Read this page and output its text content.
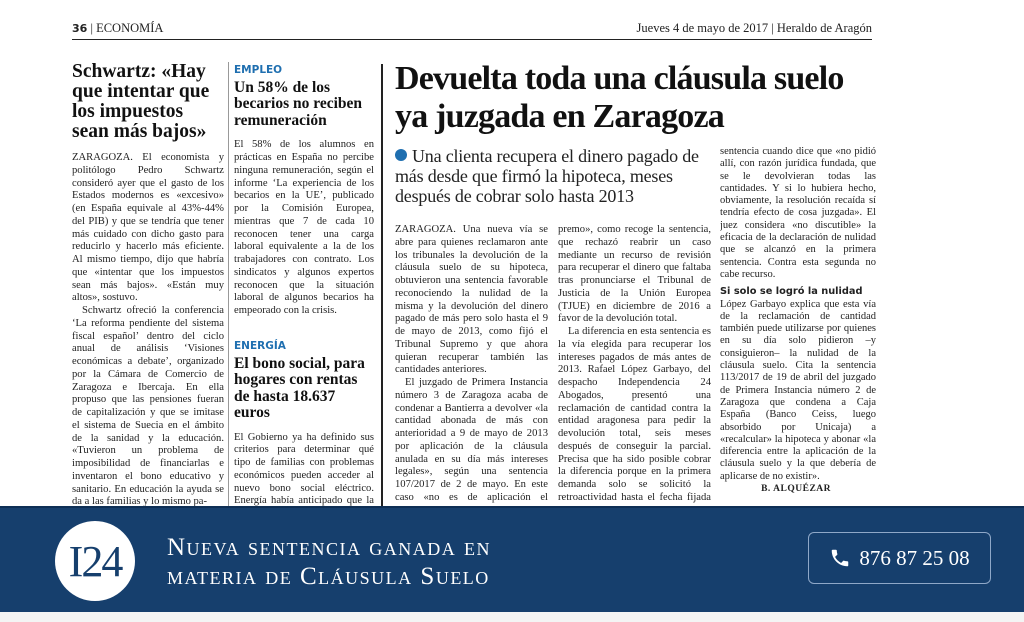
36 | ECONOMÍA	Jueves 4 de mayo de 2017 | Heraldo de Aragón
Schwartz: «Hay que intentar que los impuestos sean más bajos»

ZARAGOZA. El economista y politólogo Pedro Schwartz consideró ayer que el gasto de los Estados modernos es «excesivo» (en España equivale al 43%-44% del PIB) y que se tendría que tener más cuidado con dicho gasto para reducirlo y hacerlo más eficiente. Al mismo tiempo, dijo que habría que «intentar que los impuestos sean más bajos». «Están muy altos», sostuvo.

Schwartz ofreció la conferencia ‘La reforma pendiente del sistema fiscal español’ dentro del ciclo anual de análisis ‘Visiones económicas a debate’, organizado por la Cámara de Comercio de Zaragoza e Ibercaja. En ella propuso que las pensiones fueran de capitalización y que se imitase el sistema de Suecia en el ámbito de la sanidad y la educación. «Tuvieron un problema de imposibilidad de financiarlas e inventaron el bono educativo y sanitario. En educación la ayuda se da a las familias y lo mismo pa-

EMPLEO
Un 58% de los becarios no reciben remuneración

El 58% de los alumnos en prácticas en España no percibe ninguna remuneración, según el informe ‘La experiencia de los becarios en la UE’, publicado por la Comisión Europea, mientras que 7 de cada 10 reconocen tener una carga laboral equivalente a la de los trabajadores con contrato. Los sindicatos y algunos expertos reconocen que la situación laboral de algunos becarios ha empeorado con la crisis.

ENERGÍA
El bono social, para hogares con rentas de hasta 18.637 euros

El Gobierno ya ha definido sus criterios para determinar qué tipo de familias con problemas económicos pueden acceder al nuevo bono social eléctrico. Energía había anticipado que la

Devuelta toda una cláusula suelo ya juzgada en Zaragoza
Una clienta recupera el dinero pagado de más desde que firmó la hipoteca, meses después de cobrar solo hasta 2013

ZARAGOZA. Una nueva vía se abre para quienes reclamaron ante los tribunales la devolución de la cláusula suelo de su hipoteca, obtuvieron una sentencia favorable reconociendo la nulidad de la misma y la devolución del dinero pagado de más pero solo hasta el 9 de mayo de 2013, como fijó el Tribunal Supremo y que ahora quieran recuperar también las cantidades anteriores.

El juzgado de Primera Instancia número 3 de Zaragoza acaba de condenar a Bantierra a devolver «la cantidad abonada de más con anterioridad a 9 de mayo de 2013 por aplicación de la cláusula anulada en su día más intereses legales», según una sentencia 107/2017 de 2 de mayo. En este caso «no es de aplicación el

premo», como recoge la sentencia, que rechazó reabrir un caso mediante un recurso de revisión para recuperar el dinero que faltaba tras pronunciarse el Tribunal de Justicia de la Unión Europea (TJUE) en diciembre de 2016 a favor de la devolución total.

La diferencia en esta sentencia es la vía elegida para recuperar los intereses pagados de más antes de 2013. Rafael López Garbayo, del despacho Independencia 24 Abogados, presentó una reclamación de cantidad contra la entidad aragonesa para pedir la devolución total, seis meses después de conseguir la parcial. Precisa que ha sido posible cobrar la diferencia porque en la primera demanda solo se solicitó la retroactividad hasta el fecha fijada

sentencia cuando dice que «no pidió allí, con razón jurídica fundada, que se le devolvieran todas las cantidades. Y si lo hubiera hecho, obviamente, la resolución recaída sí tendría efecto de cosa juzgada». El juez considera «no discutible» la eficacia de la declaración de nulidad que se alcanzó en la primera sentencia. Contra esta segunda no cabe recurso.

Si solo se logró la nulidad

López Garbayo explica que esta vía de la reclamación de cantidad también puede utilizarse por quienes en su día solo pidieron –y consiguieron– la nulidad de la cláusula suelo. Cita la sentencia 113/2017 de 19 de abril del juzgado de Primera Instancia número 2 de Zaragoza que condena a Caja España (Banco Ceiss, luego absorbido por Unicaja) a «recalcular» la hipoteca y abonar «la diferencia entre la aplicación de la cláusula suelo y la que debería de aplicarse de no existir».

B. ALQUÉZAR
I24	Nueva sentencia ganada en
materia de Cláusula Suelo
876 87 25 08
